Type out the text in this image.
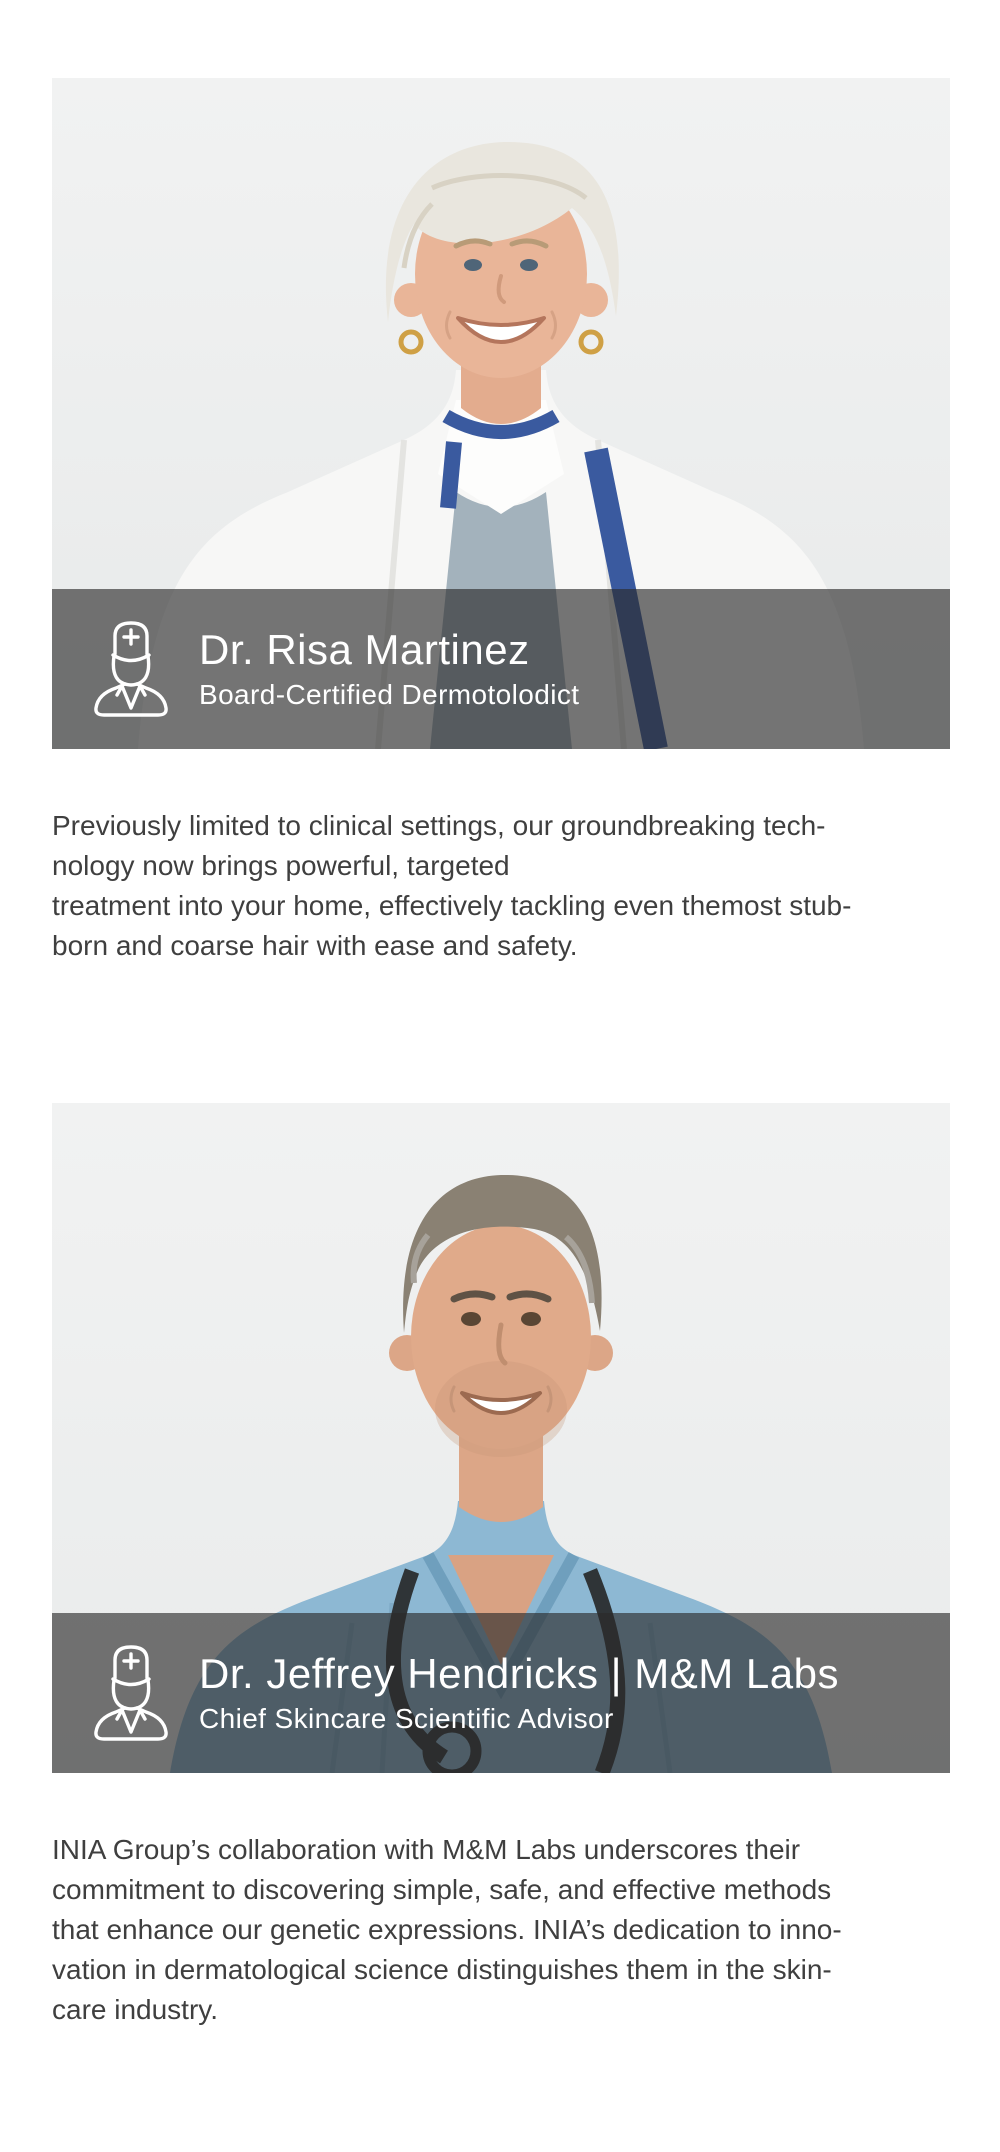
Dr. Risa Martinez
Board-Certified Dermotolodict

Previously limited to clinical settings, our groundbreaking tech-
nology now brings powerful, targeted

treatment into your home, effectively tackling even themost stub-
born and coarse hair with ease and safety.

Dr. Jeffrey Hendricks | M&M Labs
Chief Skincare Scientific Advisor

INIA Group’s collaboration with M&M Labs underscores their
commitment to discovering simple, safe, and effective methods
that enhance our genetic expressions. INIA’s dedication to inno-
vation in dermatological science distinguishes them in the skin-
care industry.
